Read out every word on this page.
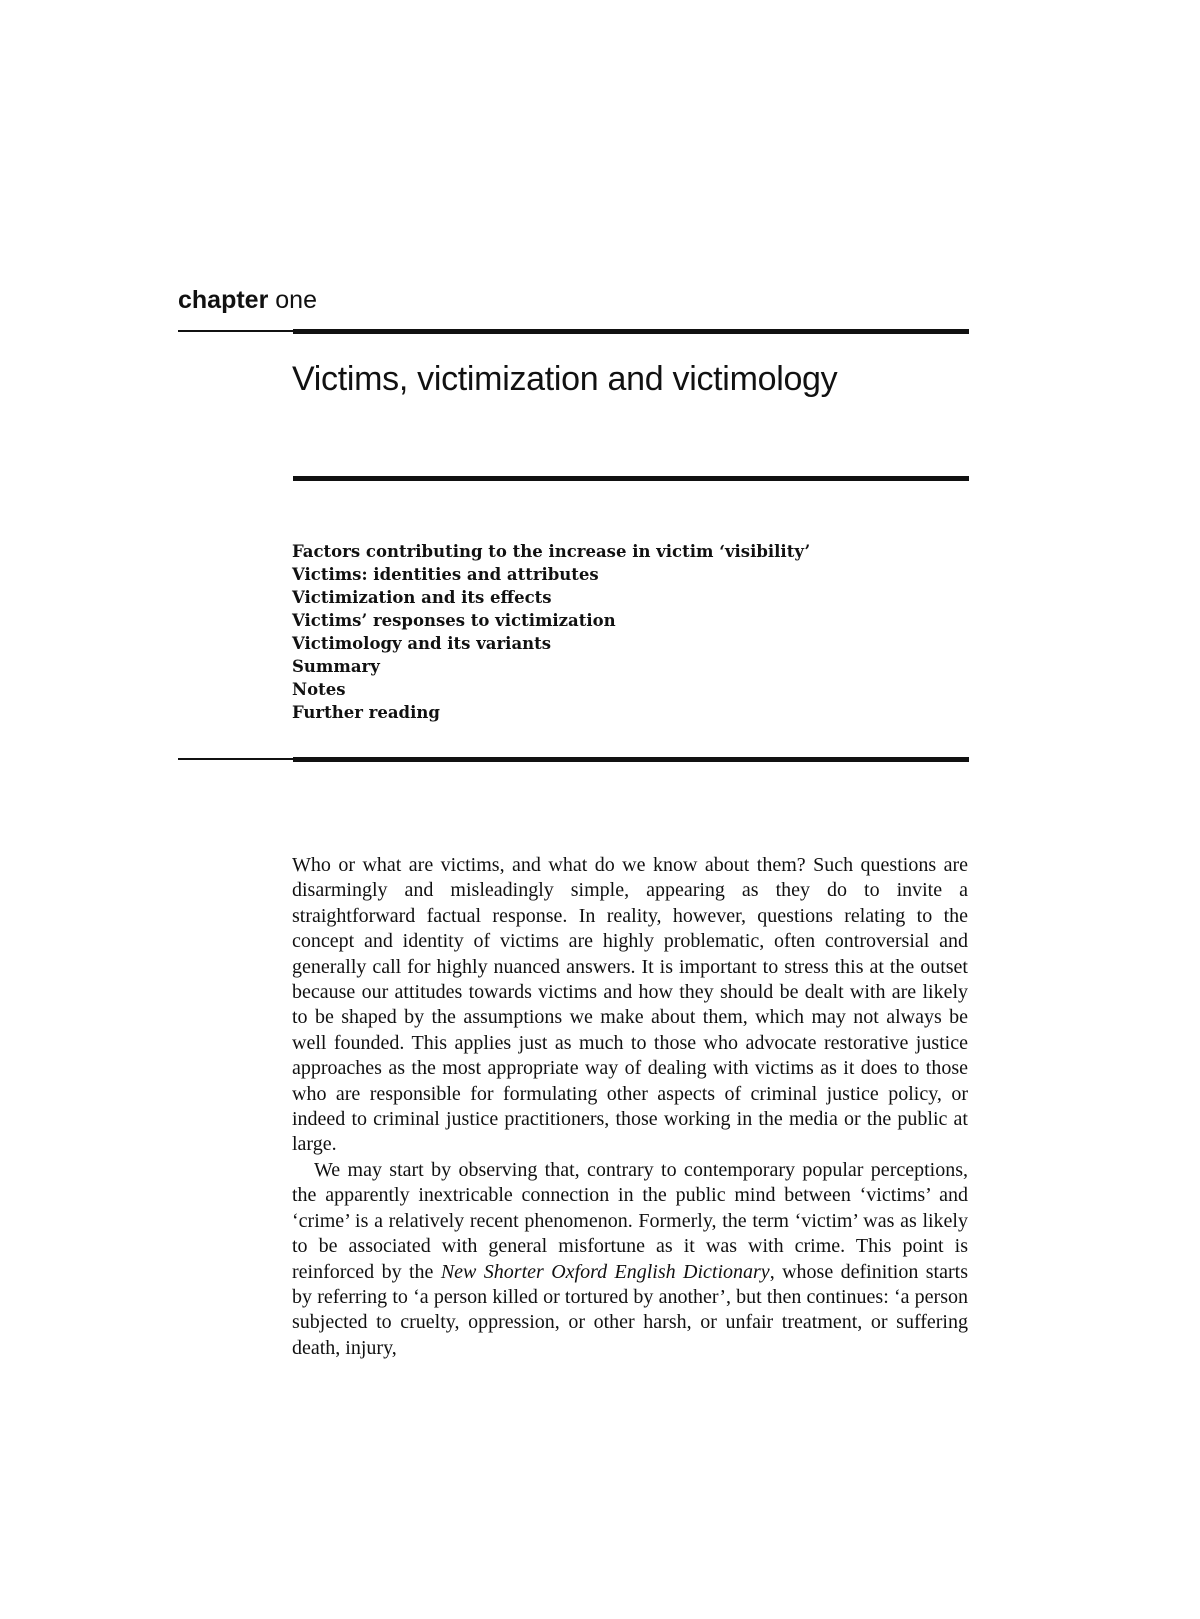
chapter one
Victims, victimization and victimology
Factors contributing to the increase in victim ‘visibility’
Victims: identities and attributes
Victimization and its effects
Victims’ responses to victimization
Victimology and its variants
Summary
Notes
Further reading

Who or what are victims, and what do we know about them? Such questions are disarmingly and misleadingly simple, appearing as they do to invite a straightforward factual response. In reality, however, questions relating to the concept and identity of victims are highly problematic, often controversial and generally call for highly nuanced answers. It is important to stress this at the outset because our attitudes towards victims and how they should be dealt with are likely to be shaped by the assumptions we make about them, which may not always be well founded. This applies just as much to those who advocate restorative justice approaches as the most appropriate way of dealing with victims as it does to those who are responsible for formulating other aspects of criminal justice policy, or indeed to criminal justice practitioners, those working in the media or the public at large.

We may start by observing that, contrary to contemporary popular perceptions, the apparently inextricable connection in the public mind between ‘victims’ and ‘crime’ is a relatively recent phenomenon. Formerly, the term ‘victim’ was as likely to be associated with general misfortune as it was with crime. This point is reinforced by the New Shorter Oxford English Dictionary, whose definition starts by referring to ‘a person killed or tortured by another’, but then continues: ‘a person subjected to cruelty, oppression, or other harsh, or unfair treatment, or suffering death, injury,
